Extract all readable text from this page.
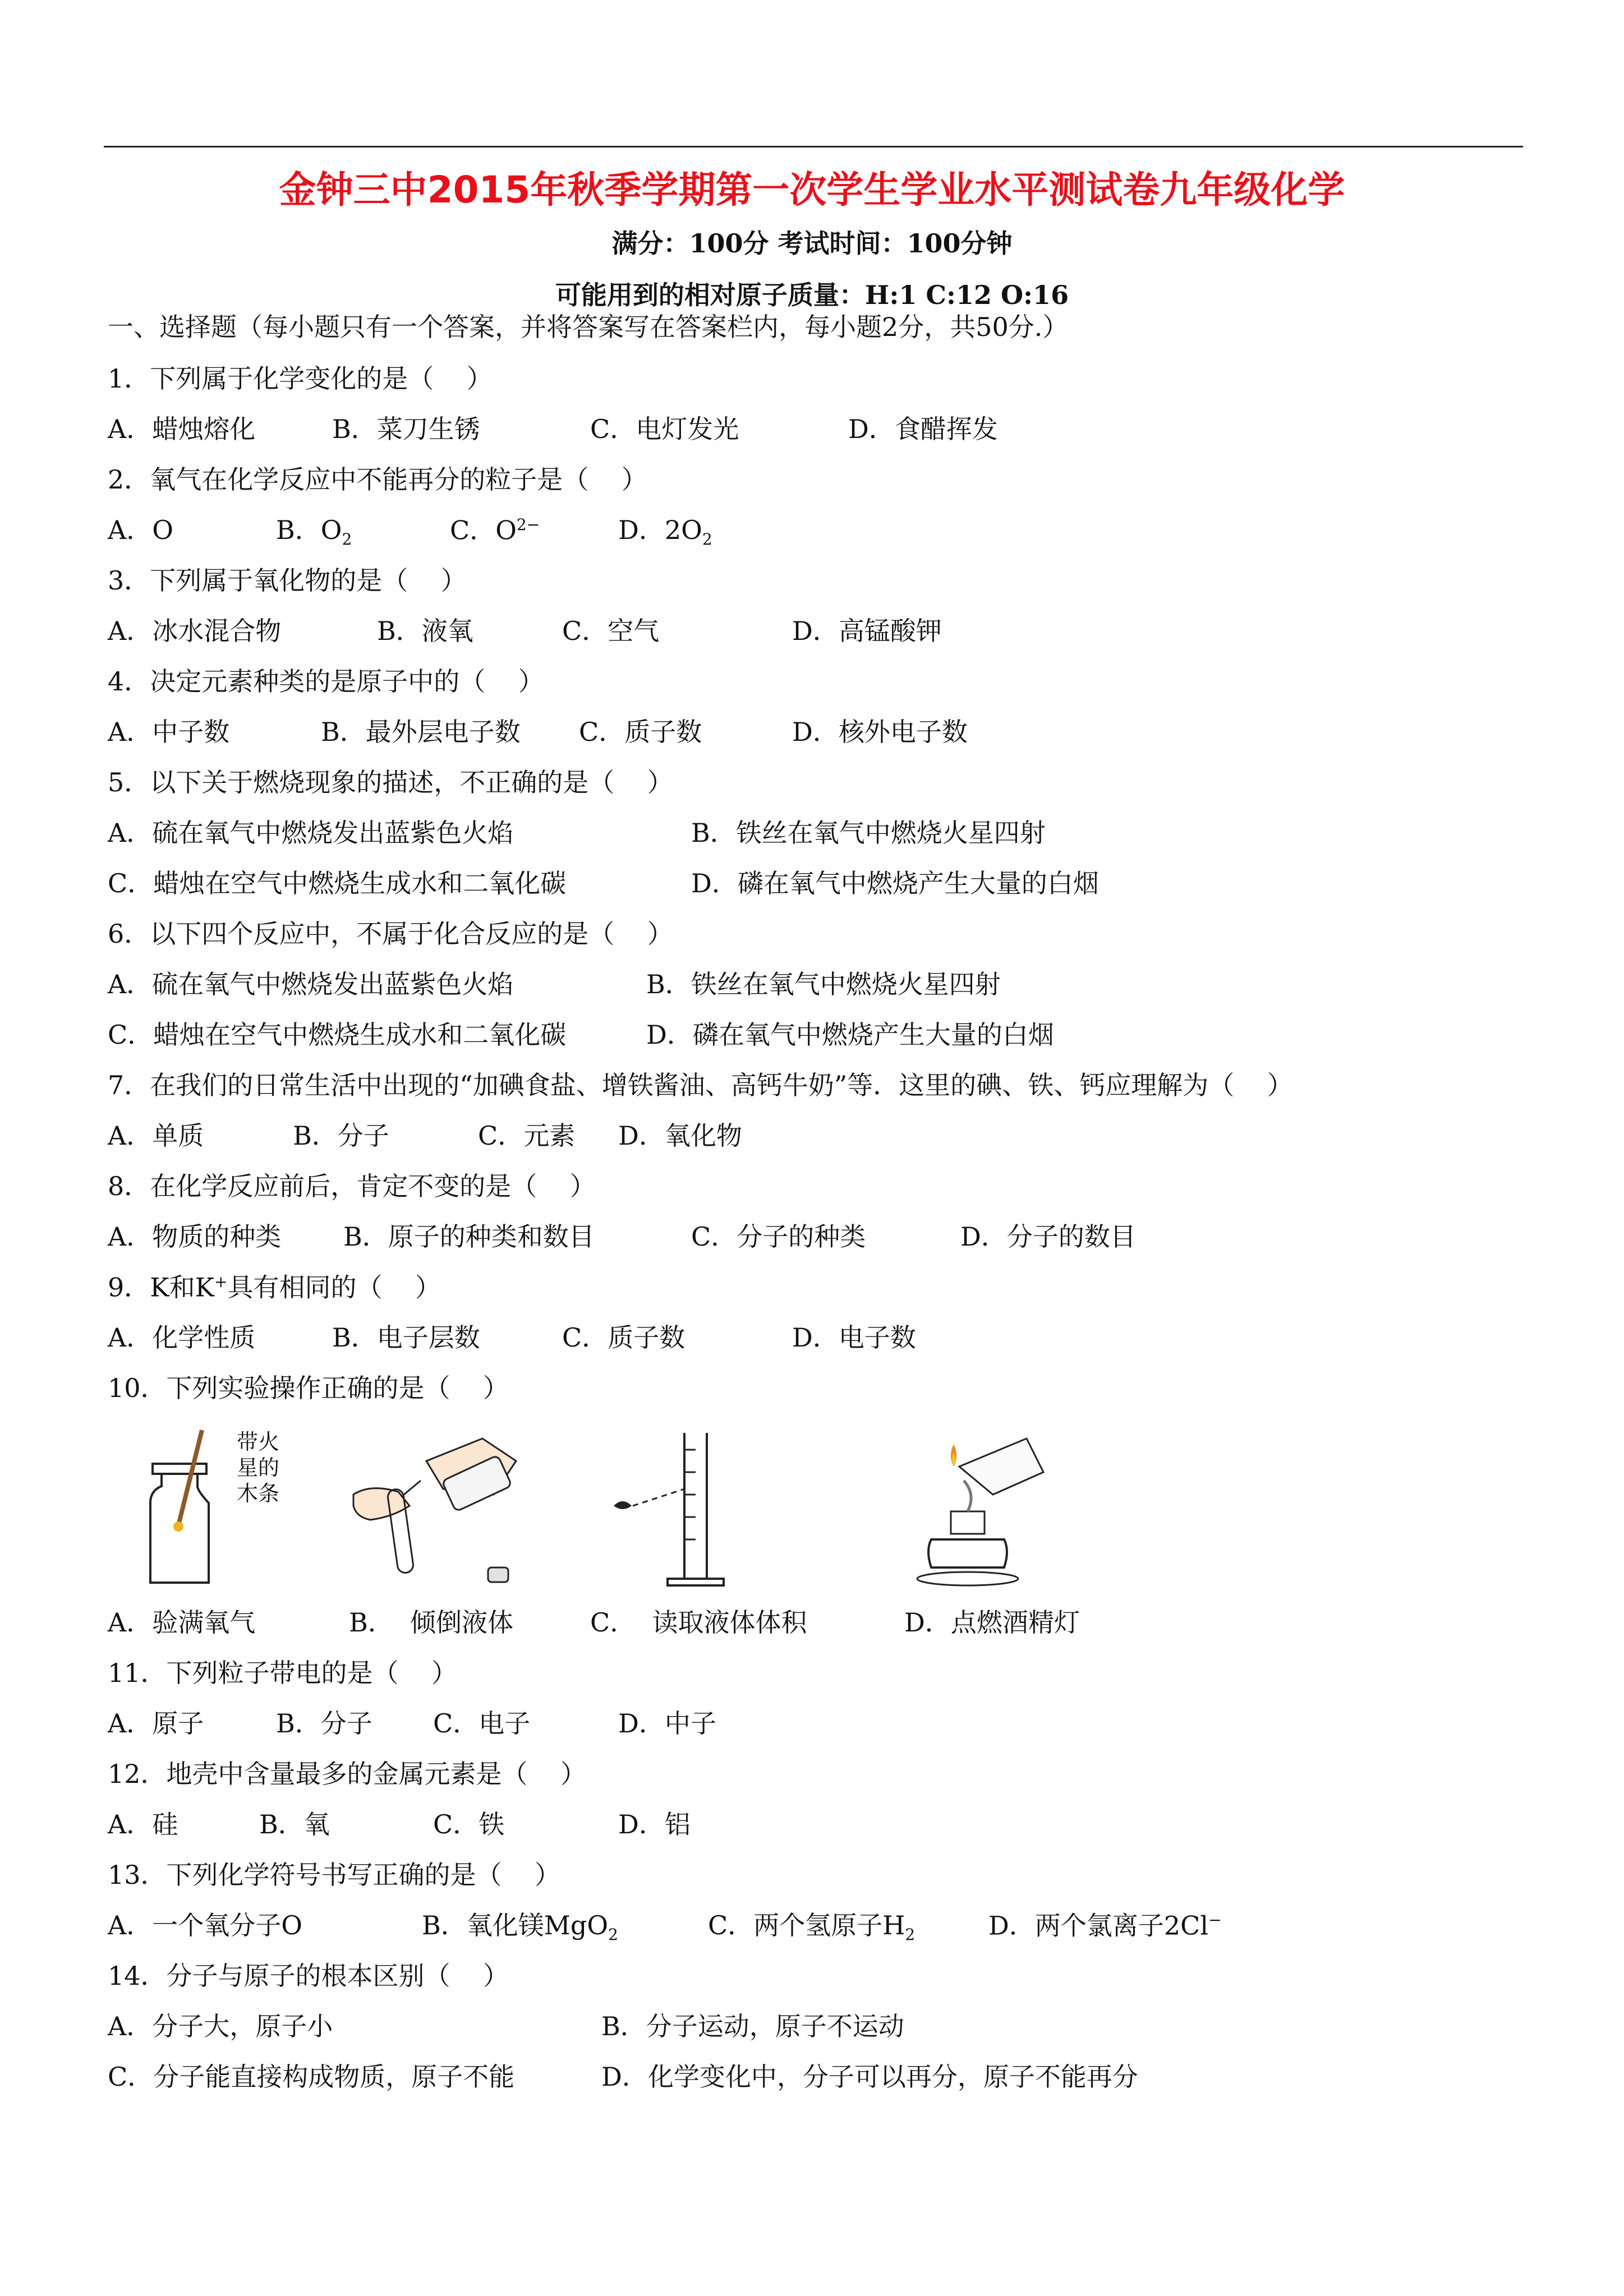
金钟三中2015年秋季学期第一次学生学业水平测试卷九年级化学
满分：100分 考试时间：100分钟
可能用到的相对原子质量：H:1 C:12 O:16
一、选择题（每小题只有一个答案，并将答案写在答案栏内，每小题2分，共50分.）
1．下列属于化学变化的是（    ）
A．蜡烛熔化	B．菜刀生锈	C．电灯发光	D．食醋挥发
2．氧气在化学反应中不能再分的粒子是（    ）
A．O	B．$O_2$	C．$O^{2-}$	D．$2O_2$
3．下列属于氧化物的是（    ）
A．冰水混合物	B．液氧	C．空气	D．高锰酸钾
4．决定元素种类的是原子中的（    ）
A．中子数	B．最外层电子数 C．质子数	D．核外电子数
5．以下关于燃烧现象的描述，不正确的是（    ）
A．硫在氧气中燃烧发出蓝紫色火焰	B．铁丝在氧气中燃烧火星四射
C．蜡烛在空气中燃烧生成水和二氧化碳	D．磷在氧气中燃烧产生大量的白烟
6．以下四个反应中，不属于化合反应的是（    ）
A．硫在氧气中燃烧发出蓝紫色火焰	B．铁丝在氧气中燃烧火星四射
C．蜡烛在空气中燃烧生成水和二氧化碳	D．磷在氧气中燃烧产生大量的白烟
7．在我们的日常生活中出现的“加碘食盐、增铁酱油、高钙牛奶”等．这里的碘、铁、钙应理解为（    ）
A．单质	B．分子	C．元素 D．氧化物
8．在化学反应前后，肯定不变的是（    ）
A．物质的种类 B．原子的种类和数目	C．分子的种类	D．分子的数目
9．K和K+具有相同的（    ）
A．化学性质	B．电子层数	C．质子数	D．电子数
10．下列实验操作正确的是（    ）
带火
星的
木条
A．验满氧气	B．  倾倒液体	C．  读取液体体积	D．点燃酒精灯
11．下列粒子带电的是（    ）
A．原子	B．分子 C．电子	D．中子
12．地壳中含量最多的金属元素是（    ）
A．硅	B．氧	C．铁	D．铝
13．下列化学符号书写正确的是（    ）
A．一个氧分子O	B．氧化镁MgO$_2$	C．两个氢原子$H_2$	D．两个氯离子2Cl−
14．分子与原子的根本区别（    ）
A．分子大，原子小	B．分子运动，原子不运动
C．分子能直接构成物质，原子不能	D．化学变化中，分子可以再分，原子不能再分
